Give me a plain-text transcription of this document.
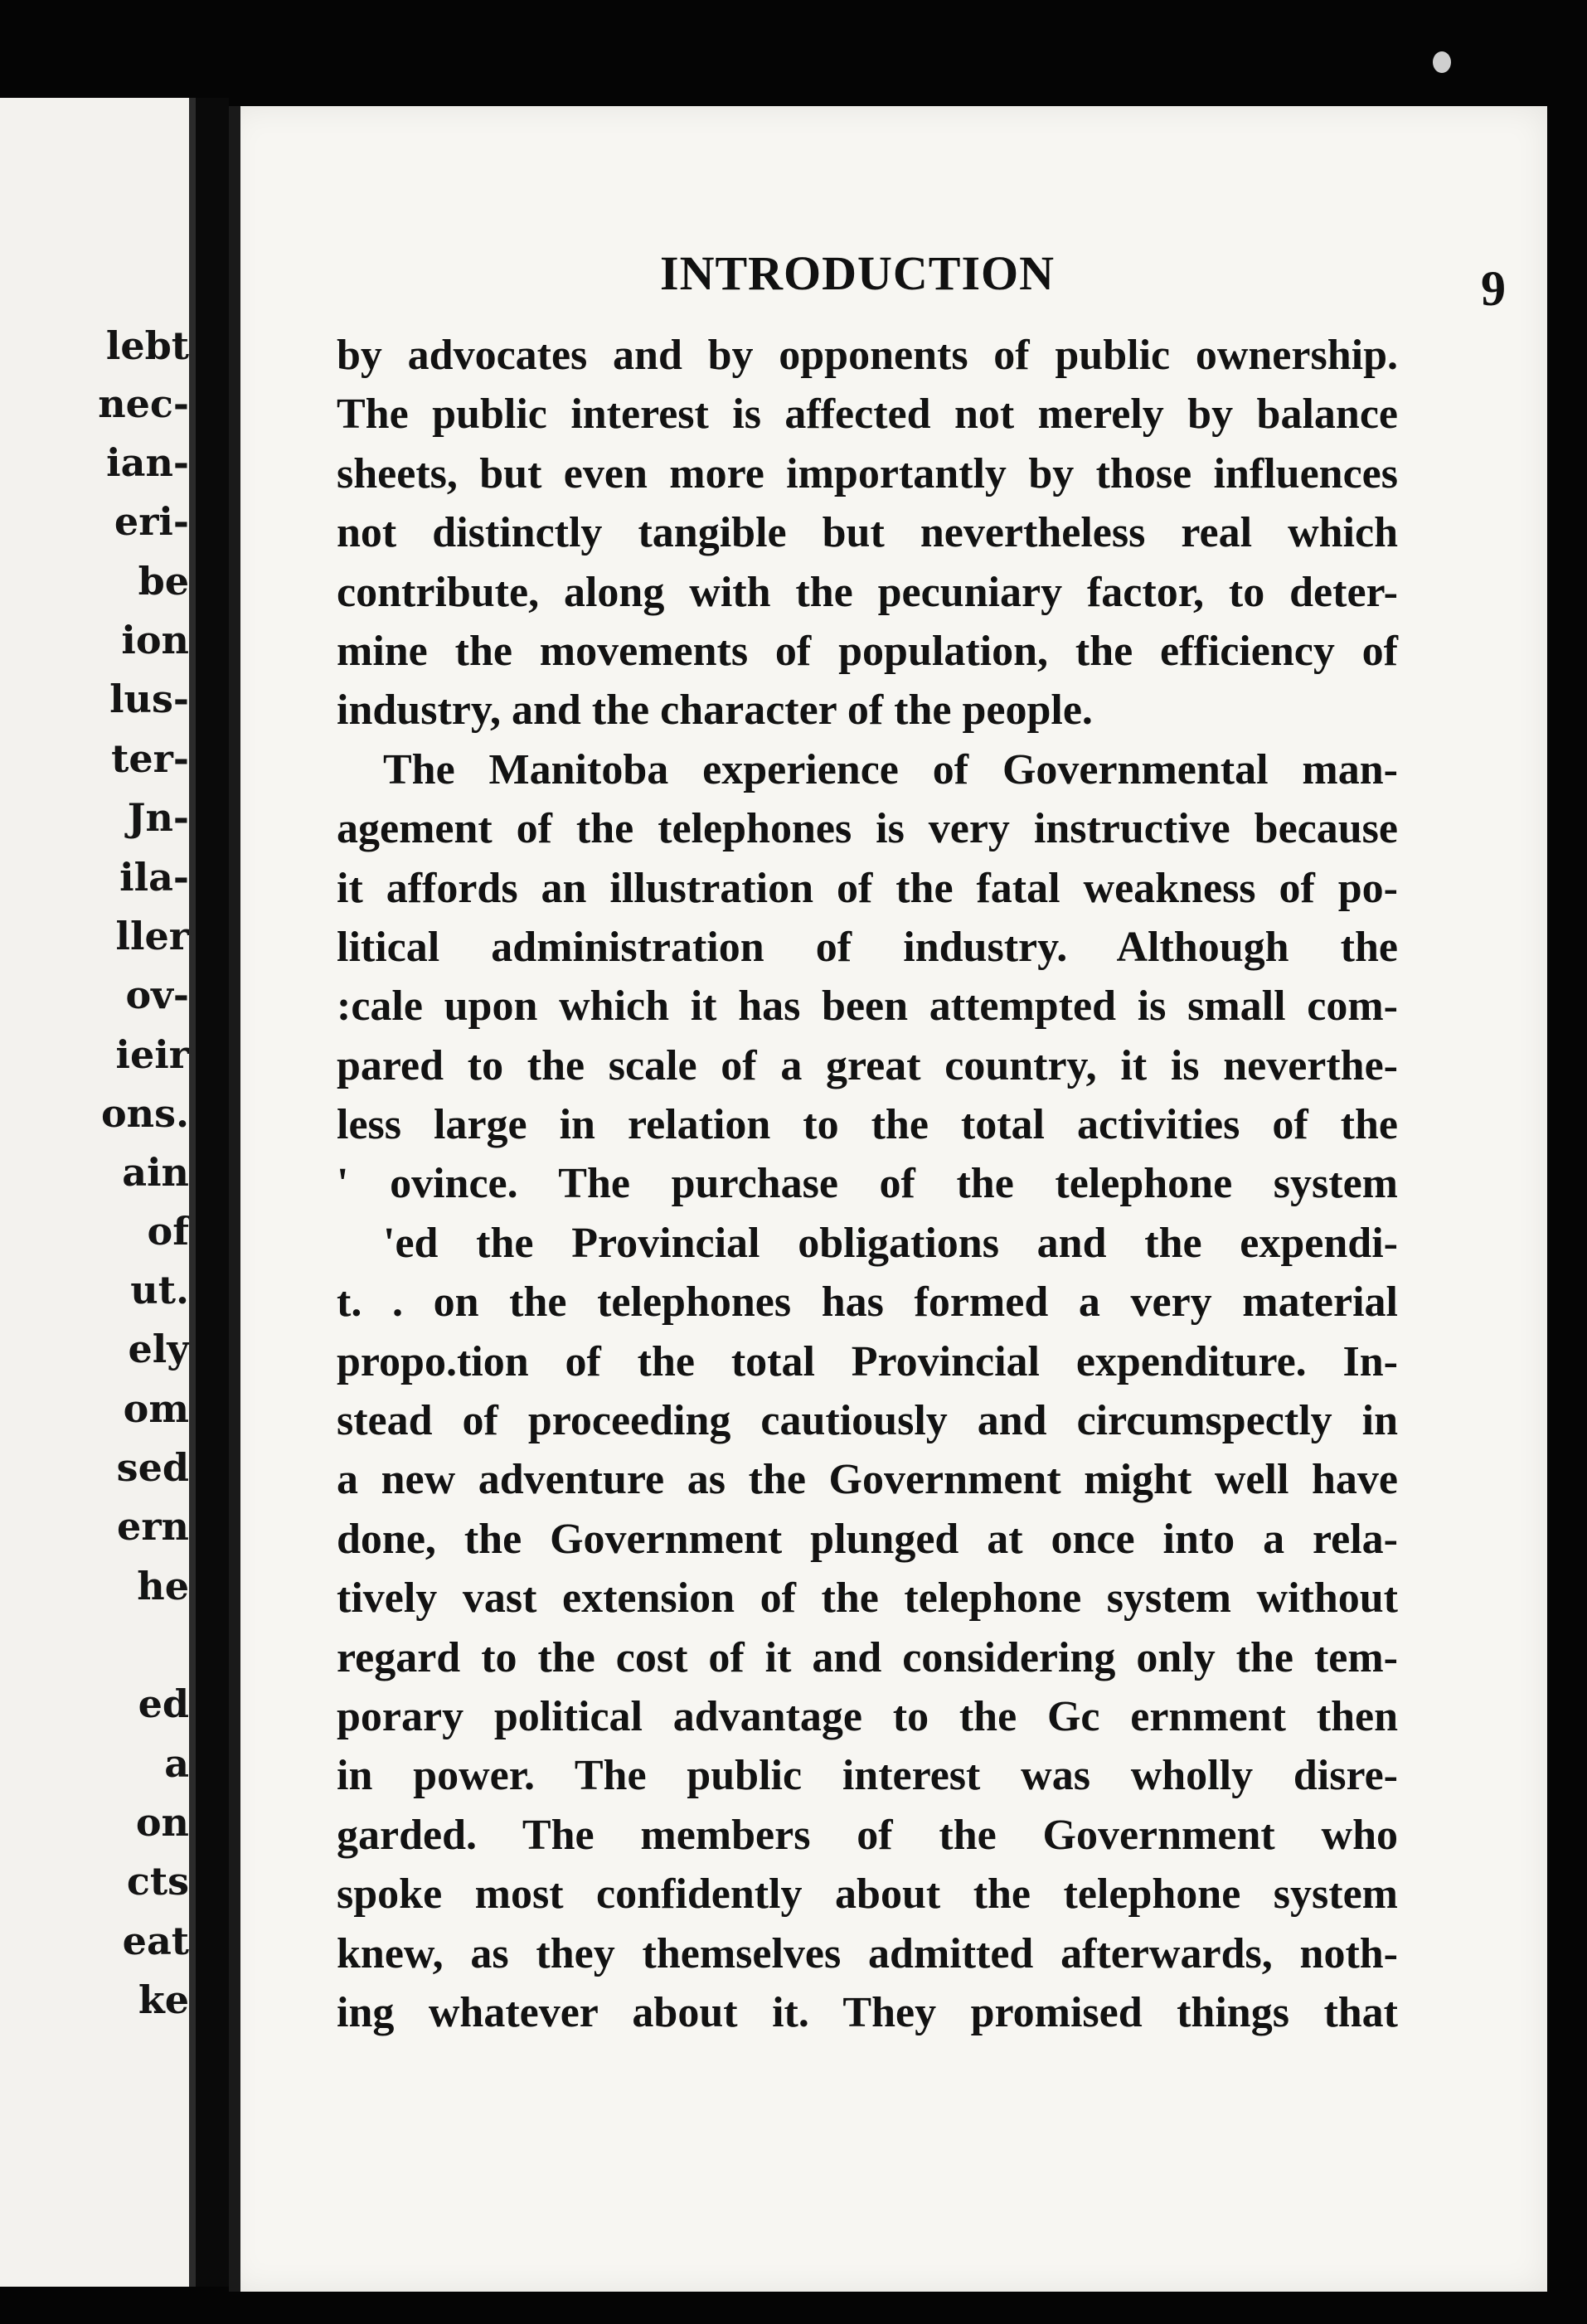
lebt

nec-

ian-

eri-

be

ion

lus-

ter-

Jn-

ila-

ller

ov-

ieir

ons.

ain

of

ut.

ely

om

sed

ern

he

ed

a

on

cts

eat

ke

INTRODUCTION	9

by advocates and by opponents of public ownership.
The public interest is affected not merely by balance
sheets, but even more importantly by those influences
not distinctly tangible but nevertheless real which
contribute, along with the pecuniary factor, to deter-
mine the movements of population, the efficiency of
industry, and the character of the people.
The Manitoba experience of Governmental man-
agement of the telephones is very instructive because
it affords an illustration of the fatal weakness of po-
litical administration of industry. Although the
:cale upon which it has been attempted is small com-
pared to the scale of a great country, it is neverthe-
less large in relation to the total activities of the
' ovince. The purchase of the telephone system
'ed the Provincial obligations and the expendi-
t. . on the telephones has formed a very material
propo.tion of the total Provincial expenditure. In-
stead of proceeding cautiously and circumspectly in
a new adventure as the Government might well have
done, the Government plunged at once into a rela-
tively vast extension of the telephone system without
regard to the cost of it and considering only the tem-
porary political advantage to the Gc ernment then
in power. The public interest was wholly disre-
garded. The members of the Government who
spoke most confidently about the telephone system
knew, as they themselves admitted afterwards, noth-
ing whatever about it. They promised things that
